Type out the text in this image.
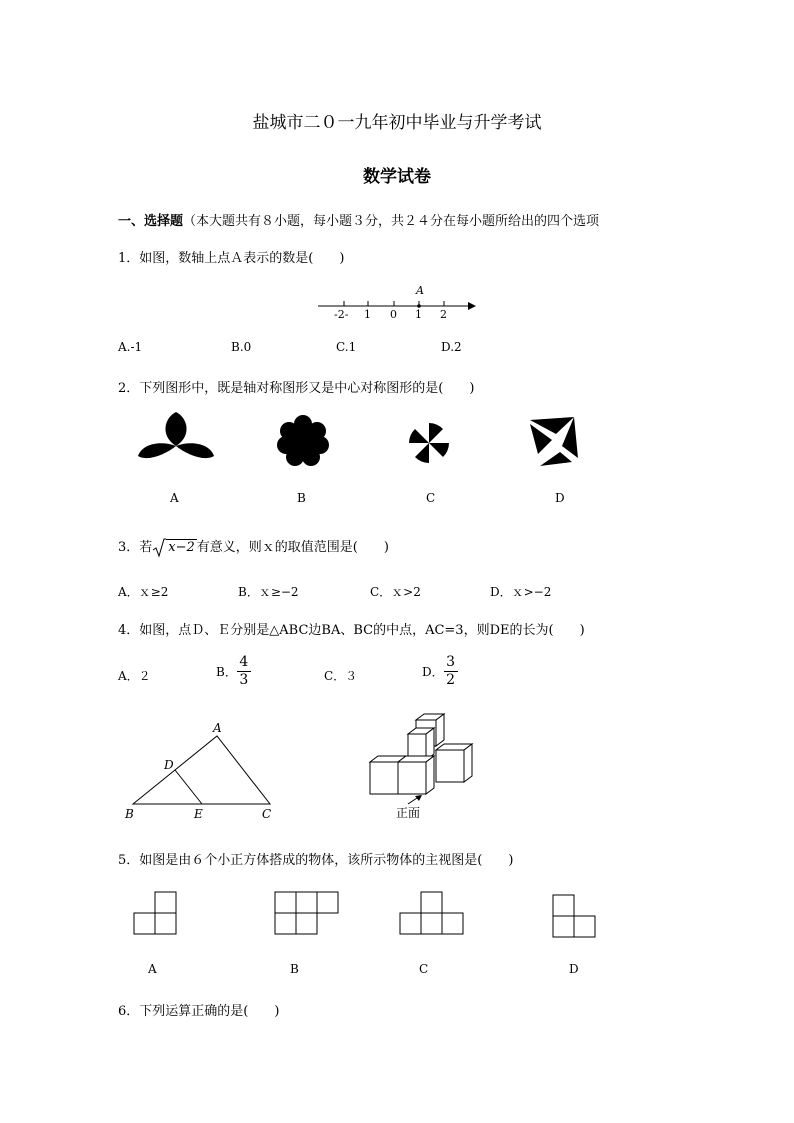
盐城市二０一九年初中毕业与升学考试
数学试卷
一、选择题（本大题共有８小题，每小题３分，共２４分在每小题所给出的四个选项
1．如图，数轴上点Ａ表示的数是(　　)
A
-2- 1 0 1 2
A.-1	B.0	C.1	D.2
2．下列图形中，既是轴对称图形又是中心对称图形的是(　　)
A	B	C	D
3．若 x−2 有意义，则ｘ的取值范围是(　　)
A．ｘ≥2	B．ｘ≥−2	C．ｘ>2	D．ｘ>−2
4．如图，点Ｄ、Ｅ分别是△ABC边BA、BC的中点，AC=3，则DE的长为(　　)
A．２	B． $\frac{4}{3}$	C．３	D． $\frac{3}{2}$
A
D
B	E	C	正面
5．如图是由６个小正方体搭成的物体，该所示物体的主视图是(　　)
A	B	C	D
6．下列运算正确的是(　　)
